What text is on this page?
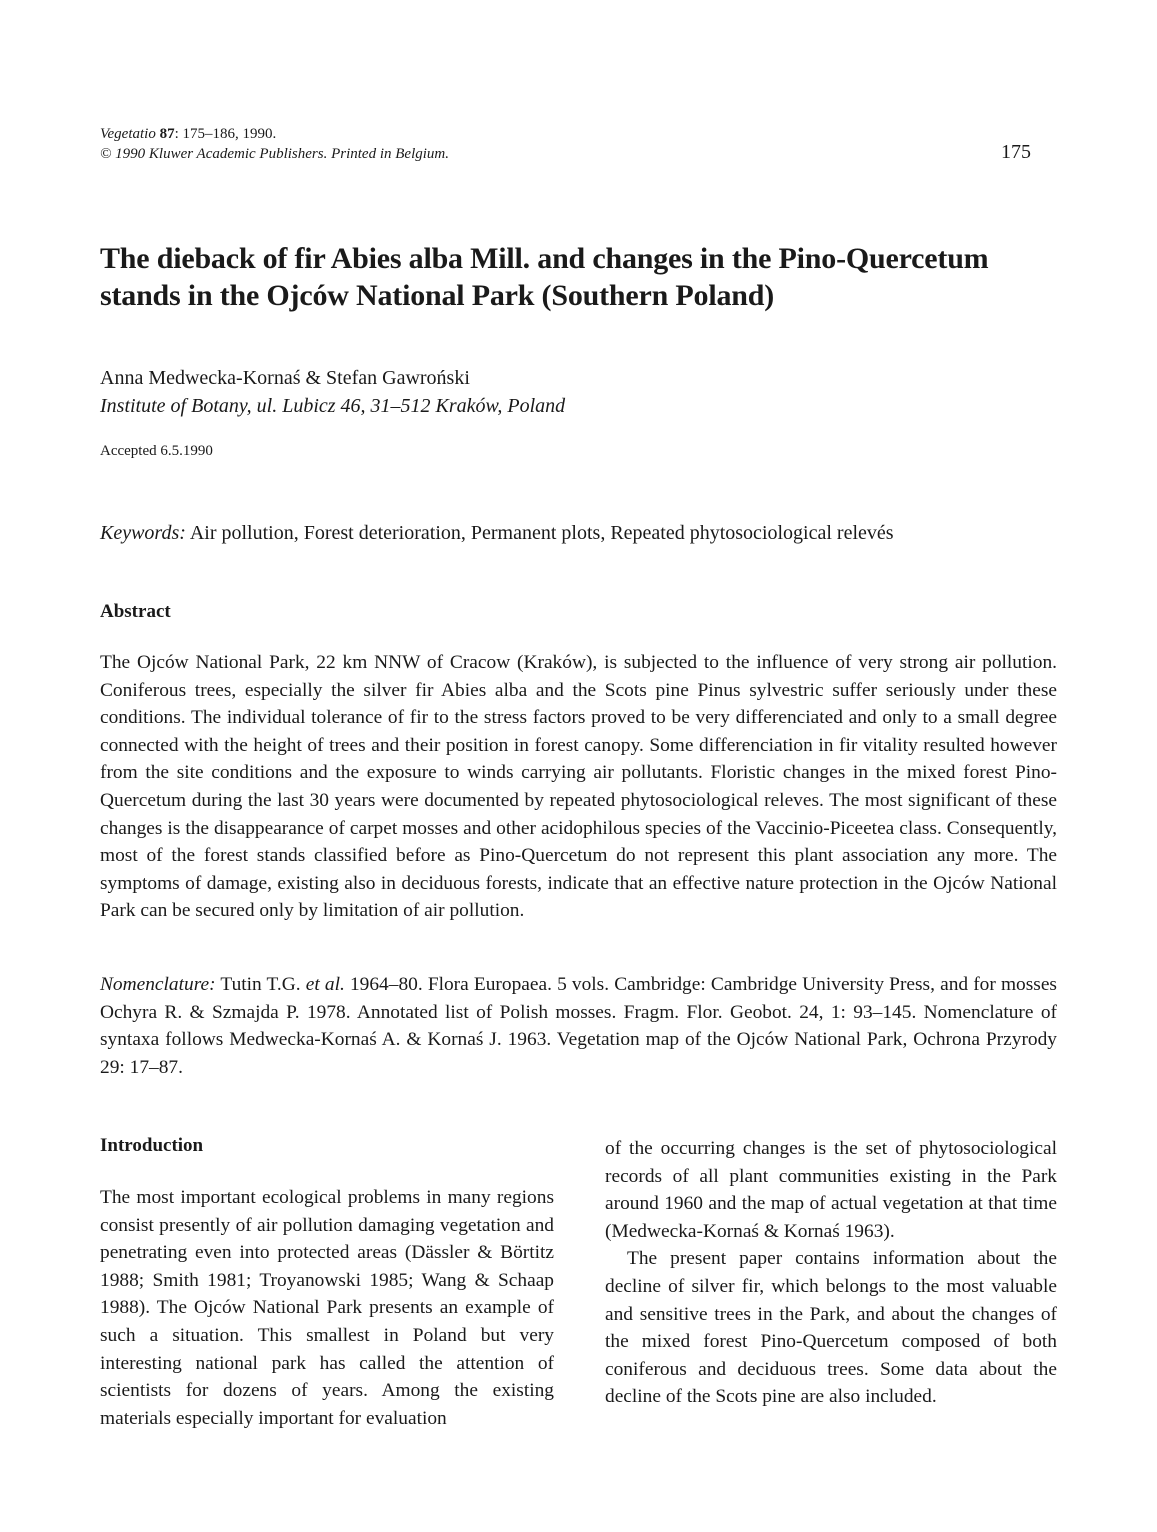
Vegetatio 87: 175–186, 1990.
© 1990 Kluwer Academic Publishers. Printed in Belgium.	175
The dieback of fir Abies alba Mill. and changes in the Pino-Quercetum
stands in the Ojców National Park (Southern Poland)
Anna Medwecka-Kornaś & Stefan Gawroński
Institute of Botany, ul. Lubicz 46, 31–512 Kraków, Poland
Accepted 6.5.1990
Keywords: Air pollution, Forest deterioration, Permanent plots, Repeated phytosociological relevés
Abstract

The Ojców National Park, 22 km NNW of Cracow (Kraków), is subjected to the influence of very strong air pollution. Coniferous trees, especially the silver fir Abies alba and the Scots pine Pinus sylvestric suffer seriously under these conditions. The individual tolerance of fir to the stress factors proved to be very differenciated and only to a small degree connected with the height of trees and their position in forest canopy. Some differenciation in fir vitality resulted however from the site conditions and the exposure to winds carrying air pollutants. Floristic changes in the mixed forest Pino-Quercetum during the last 30 years were documented by repeated phytosociological releves. The most significant of these changes is the disappearance of carpet mosses and other acidophilous species of the Vaccinio-Piceetea class. Consequently, most of the forest stands classified before as Pino-Quercetum do not represent this plant association any more. The symptoms of damage, existing also in deciduous forests, indicate that an effective nature protection in the Ojców National Park can be secured only by limitation of air pollution.

Nomenclature: Tutin T.G. et al. 1964–80. Flora Europaea. 5 vols. Cambridge: Cambridge University Press, and for mosses Ochyra R. & Szmajda P. 1978. Annotated list of Polish mosses. Fragm. Flor. Geobot. 24, 1: 93–145. Nomenclature of syntaxa follows Medwecka-Kornaś A. & Kornaś J. 1963. Vegetation map of the Ojców National Park, Ochrona Przyrody 29: 17–87.

Introduction

The most important ecological problems in many regions consist presently of air pollution damaging vegetation and penetrating even into protected areas (Dässler & Börtitz 1988; Smith 1981; Troyanowski 1985; Wang & Schaap 1988). The Ojców National Park presents an example of such a situation. This smallest in Poland but very interesting national park has called the attention of scientists for dozens of years. Among the existing materials especially important for evaluation

of the occurring changes is the set of phytosociological records of all plant communities existing in the Park around 1960 and the map of actual vegetation at that time (Medwecka-Kornaś & Kornaś 1963).

The present paper contains information about the decline of silver fir, which belongs to the most valuable and sensitive trees in the Park, and about the changes of the mixed forest Pino-Quercetum composed of both coniferous and deciduous trees. Some data about the decline of the Scots pine are also included.
